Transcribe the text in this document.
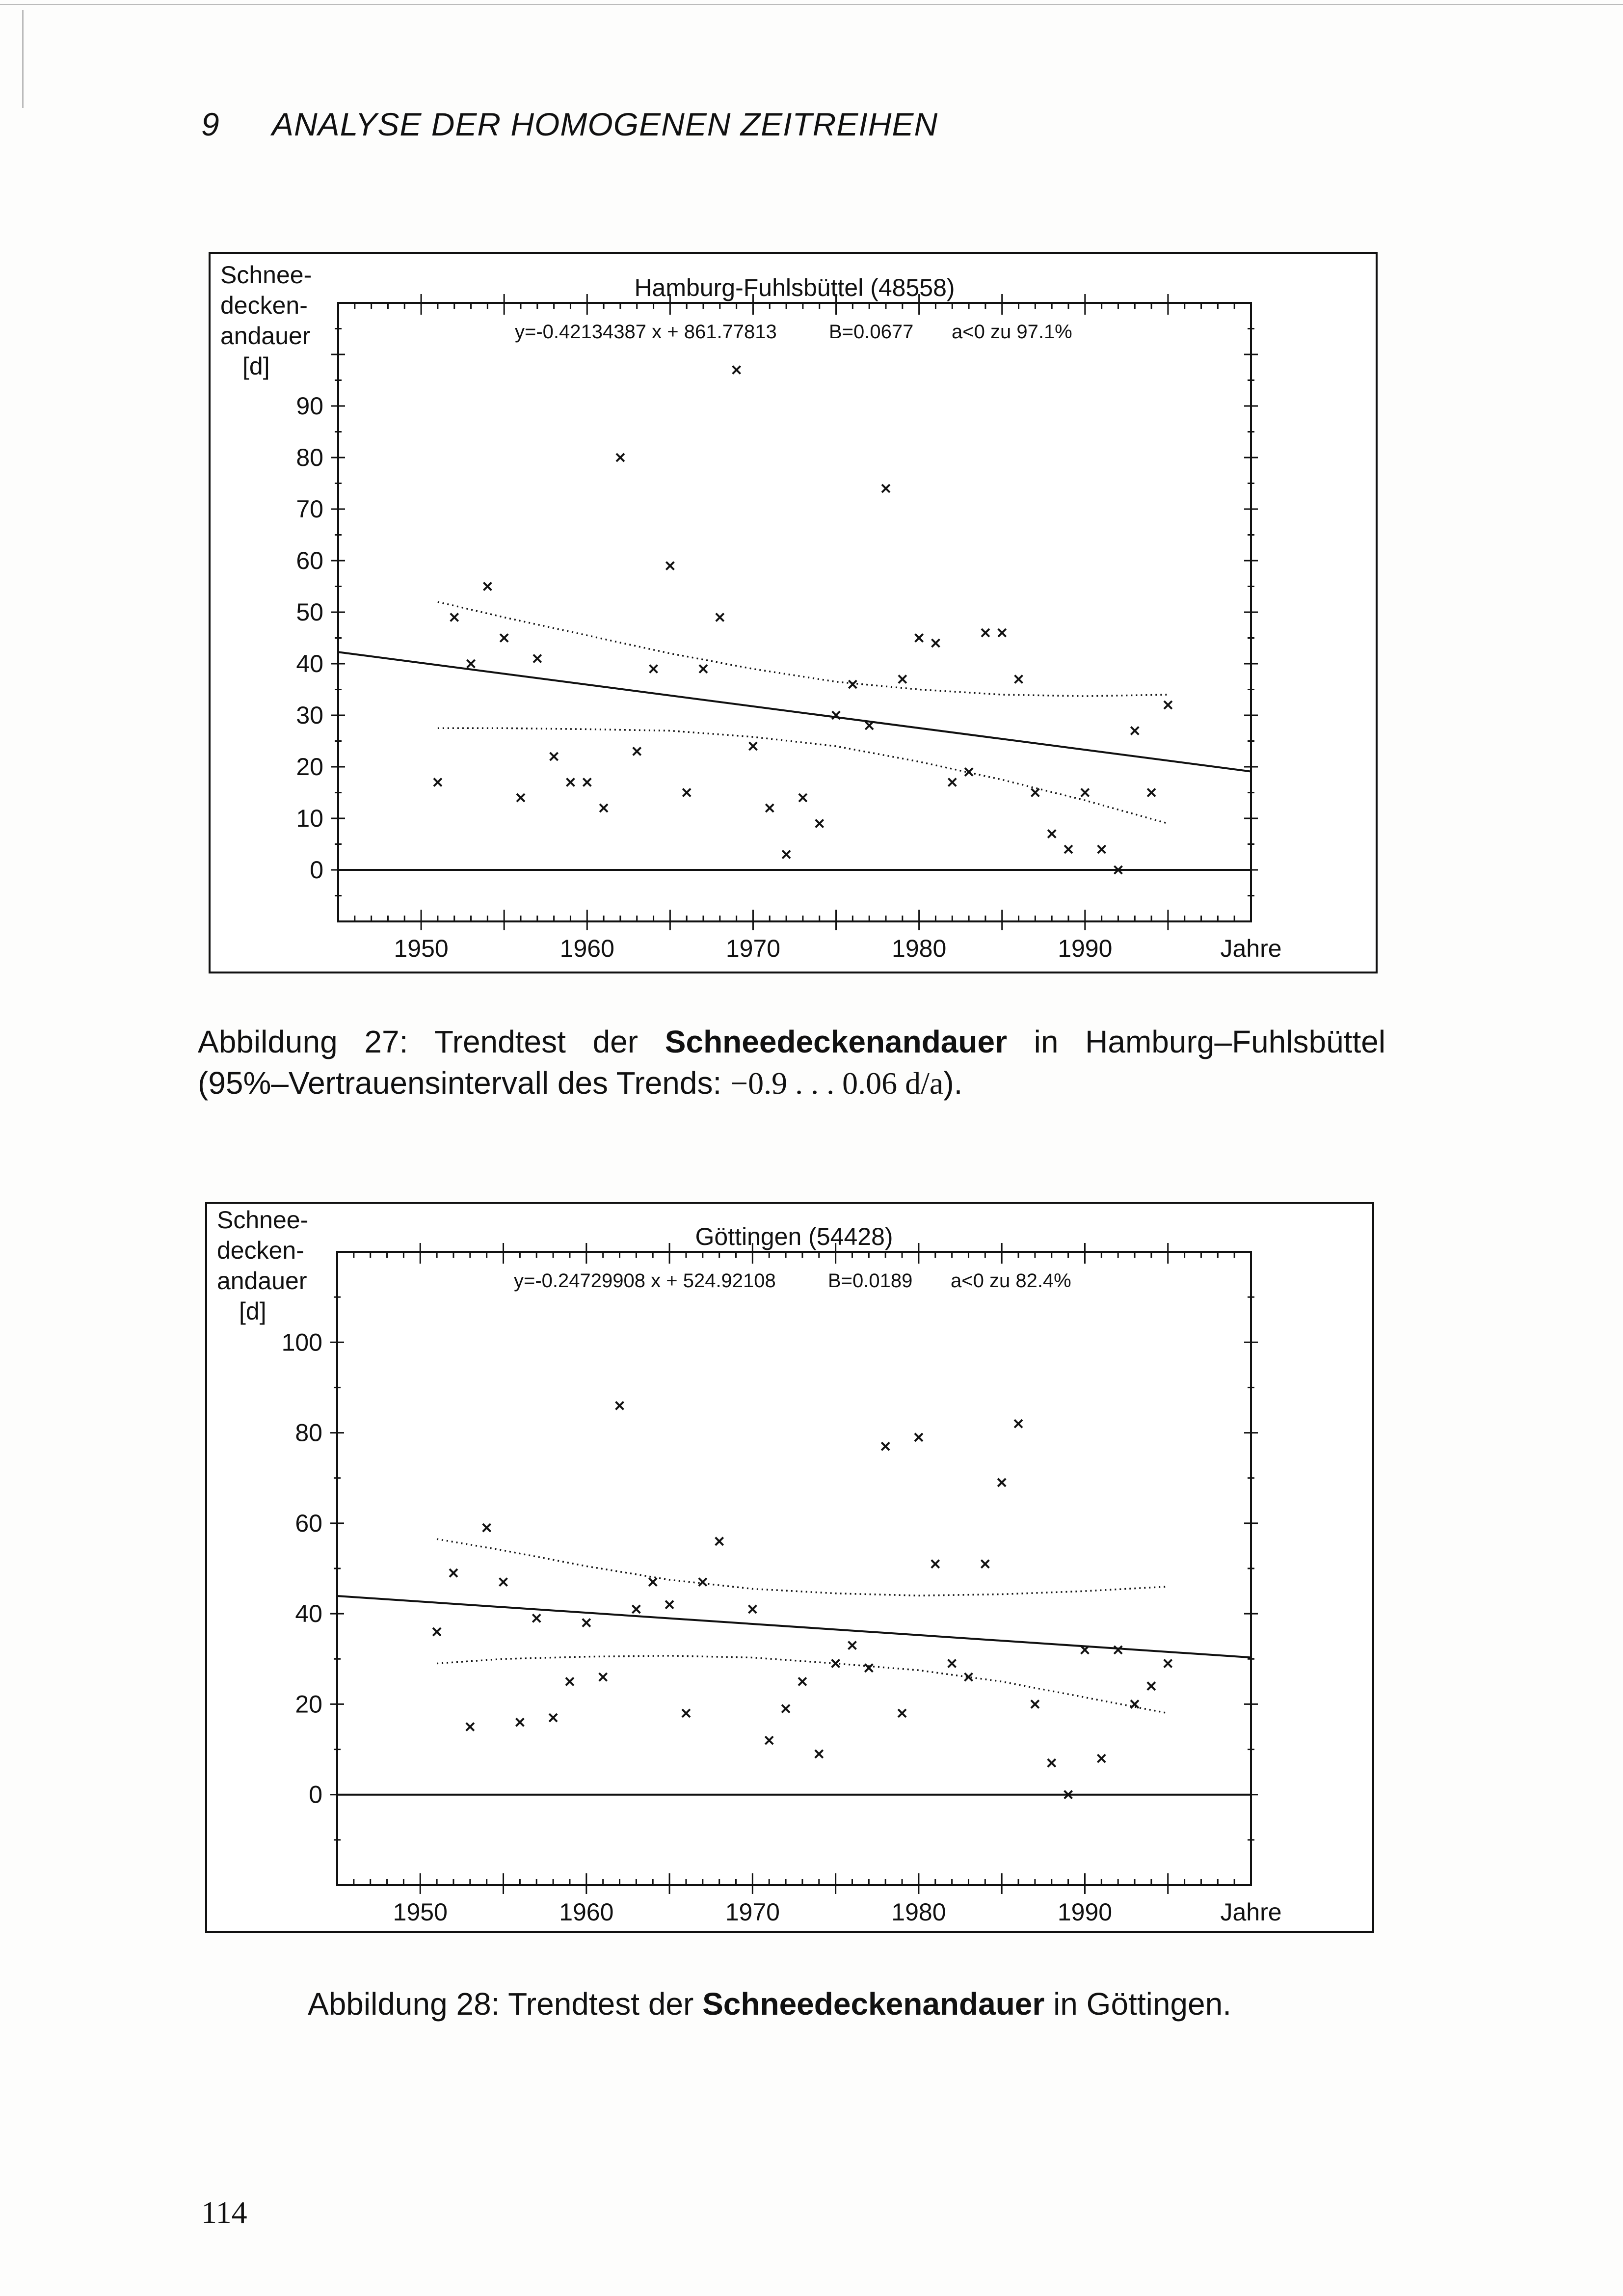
9 ANALYSE DER HOMOGENEN ZEITREIHEN
Hamburg-Fuhlsbüttel (48558)
Schnee-
decken-
andauer
[d]
1950	1960	1970	1980	1990	Jahre
0
10
20
30
40
50
60
70
80
90
y=-0.42134387 x + 861.77813	B=0.0677 a<0 zu 97.1%
Abbildung 27: Trendtest der Schneedeckenandauer in Hamburg–Fuhlsbüttel
(95%–Vertrauensintervall des Trends: −0.9 . . . 0.06 d/a).
Göttingen (54428)
Schnee-
decken-
andauer
[d]
1950	1960	1970	1980	1990	Jahre
0
20
40
60
80
100
y=-0.24729908 x + 524.92108	B=0.0189 a<0 zu 82.4%
Abbildung 28: Trendtest der Schneedeckenandauer in Göttingen.
114
